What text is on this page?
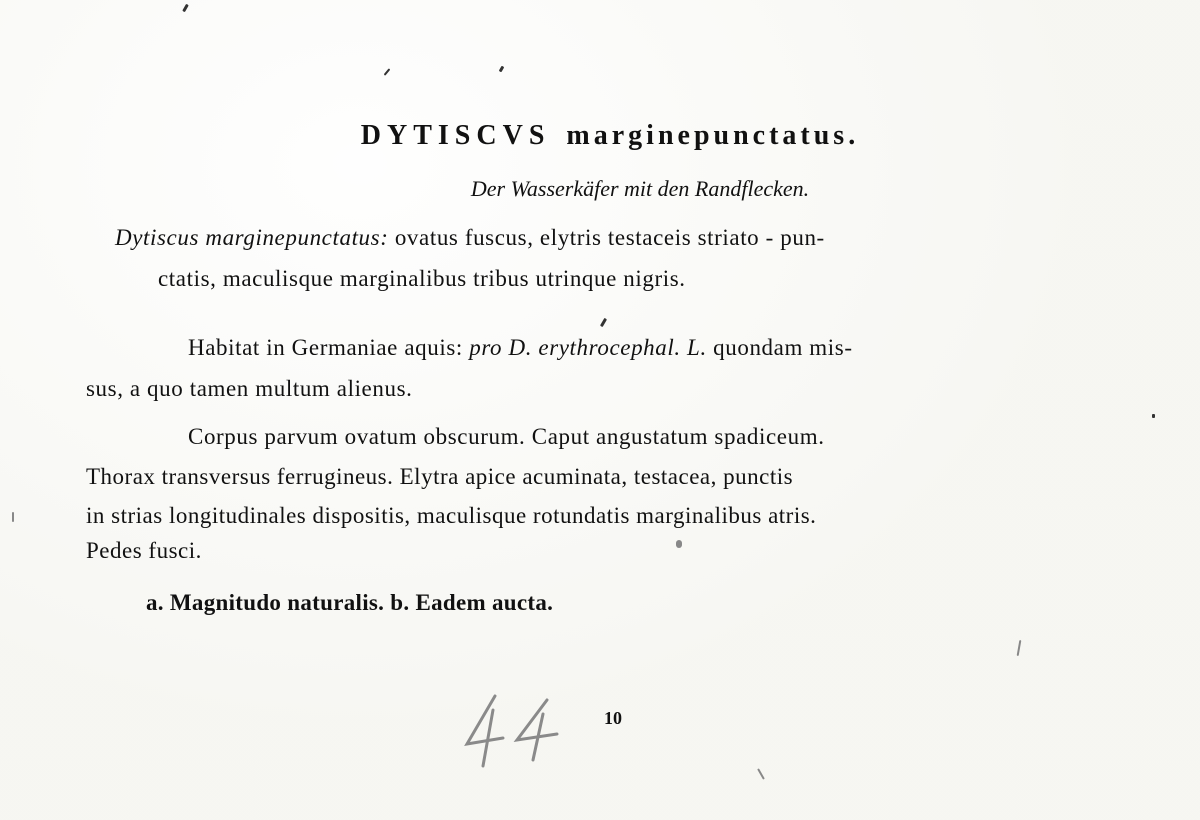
DYTISCVS marginepunctatus.
Der Wasserkäfer mit den Randflecken.
Dytiscus marginepunctatus: ovatus fuscus, elytris testaceis striato - pun-
ctatis, maculisque marginalibus tribus utrinque nigris.
Habitat in Germaniae aquis: pro D. erythrocephal. L. quondam mis-
sus, a quo tamen multum alienus.
Corpus parvum ovatum obscurum. Caput angustatum spadiceum.
Thorax transversus ferrugineus. Elytra apice acuminata, testacea, punctis
in strias longitudinales dispositis, maculisque rotundatis marginalibus atris.
Pedes fusci.
a. Magnitudo naturalis. b. Eadem aucta.
10
